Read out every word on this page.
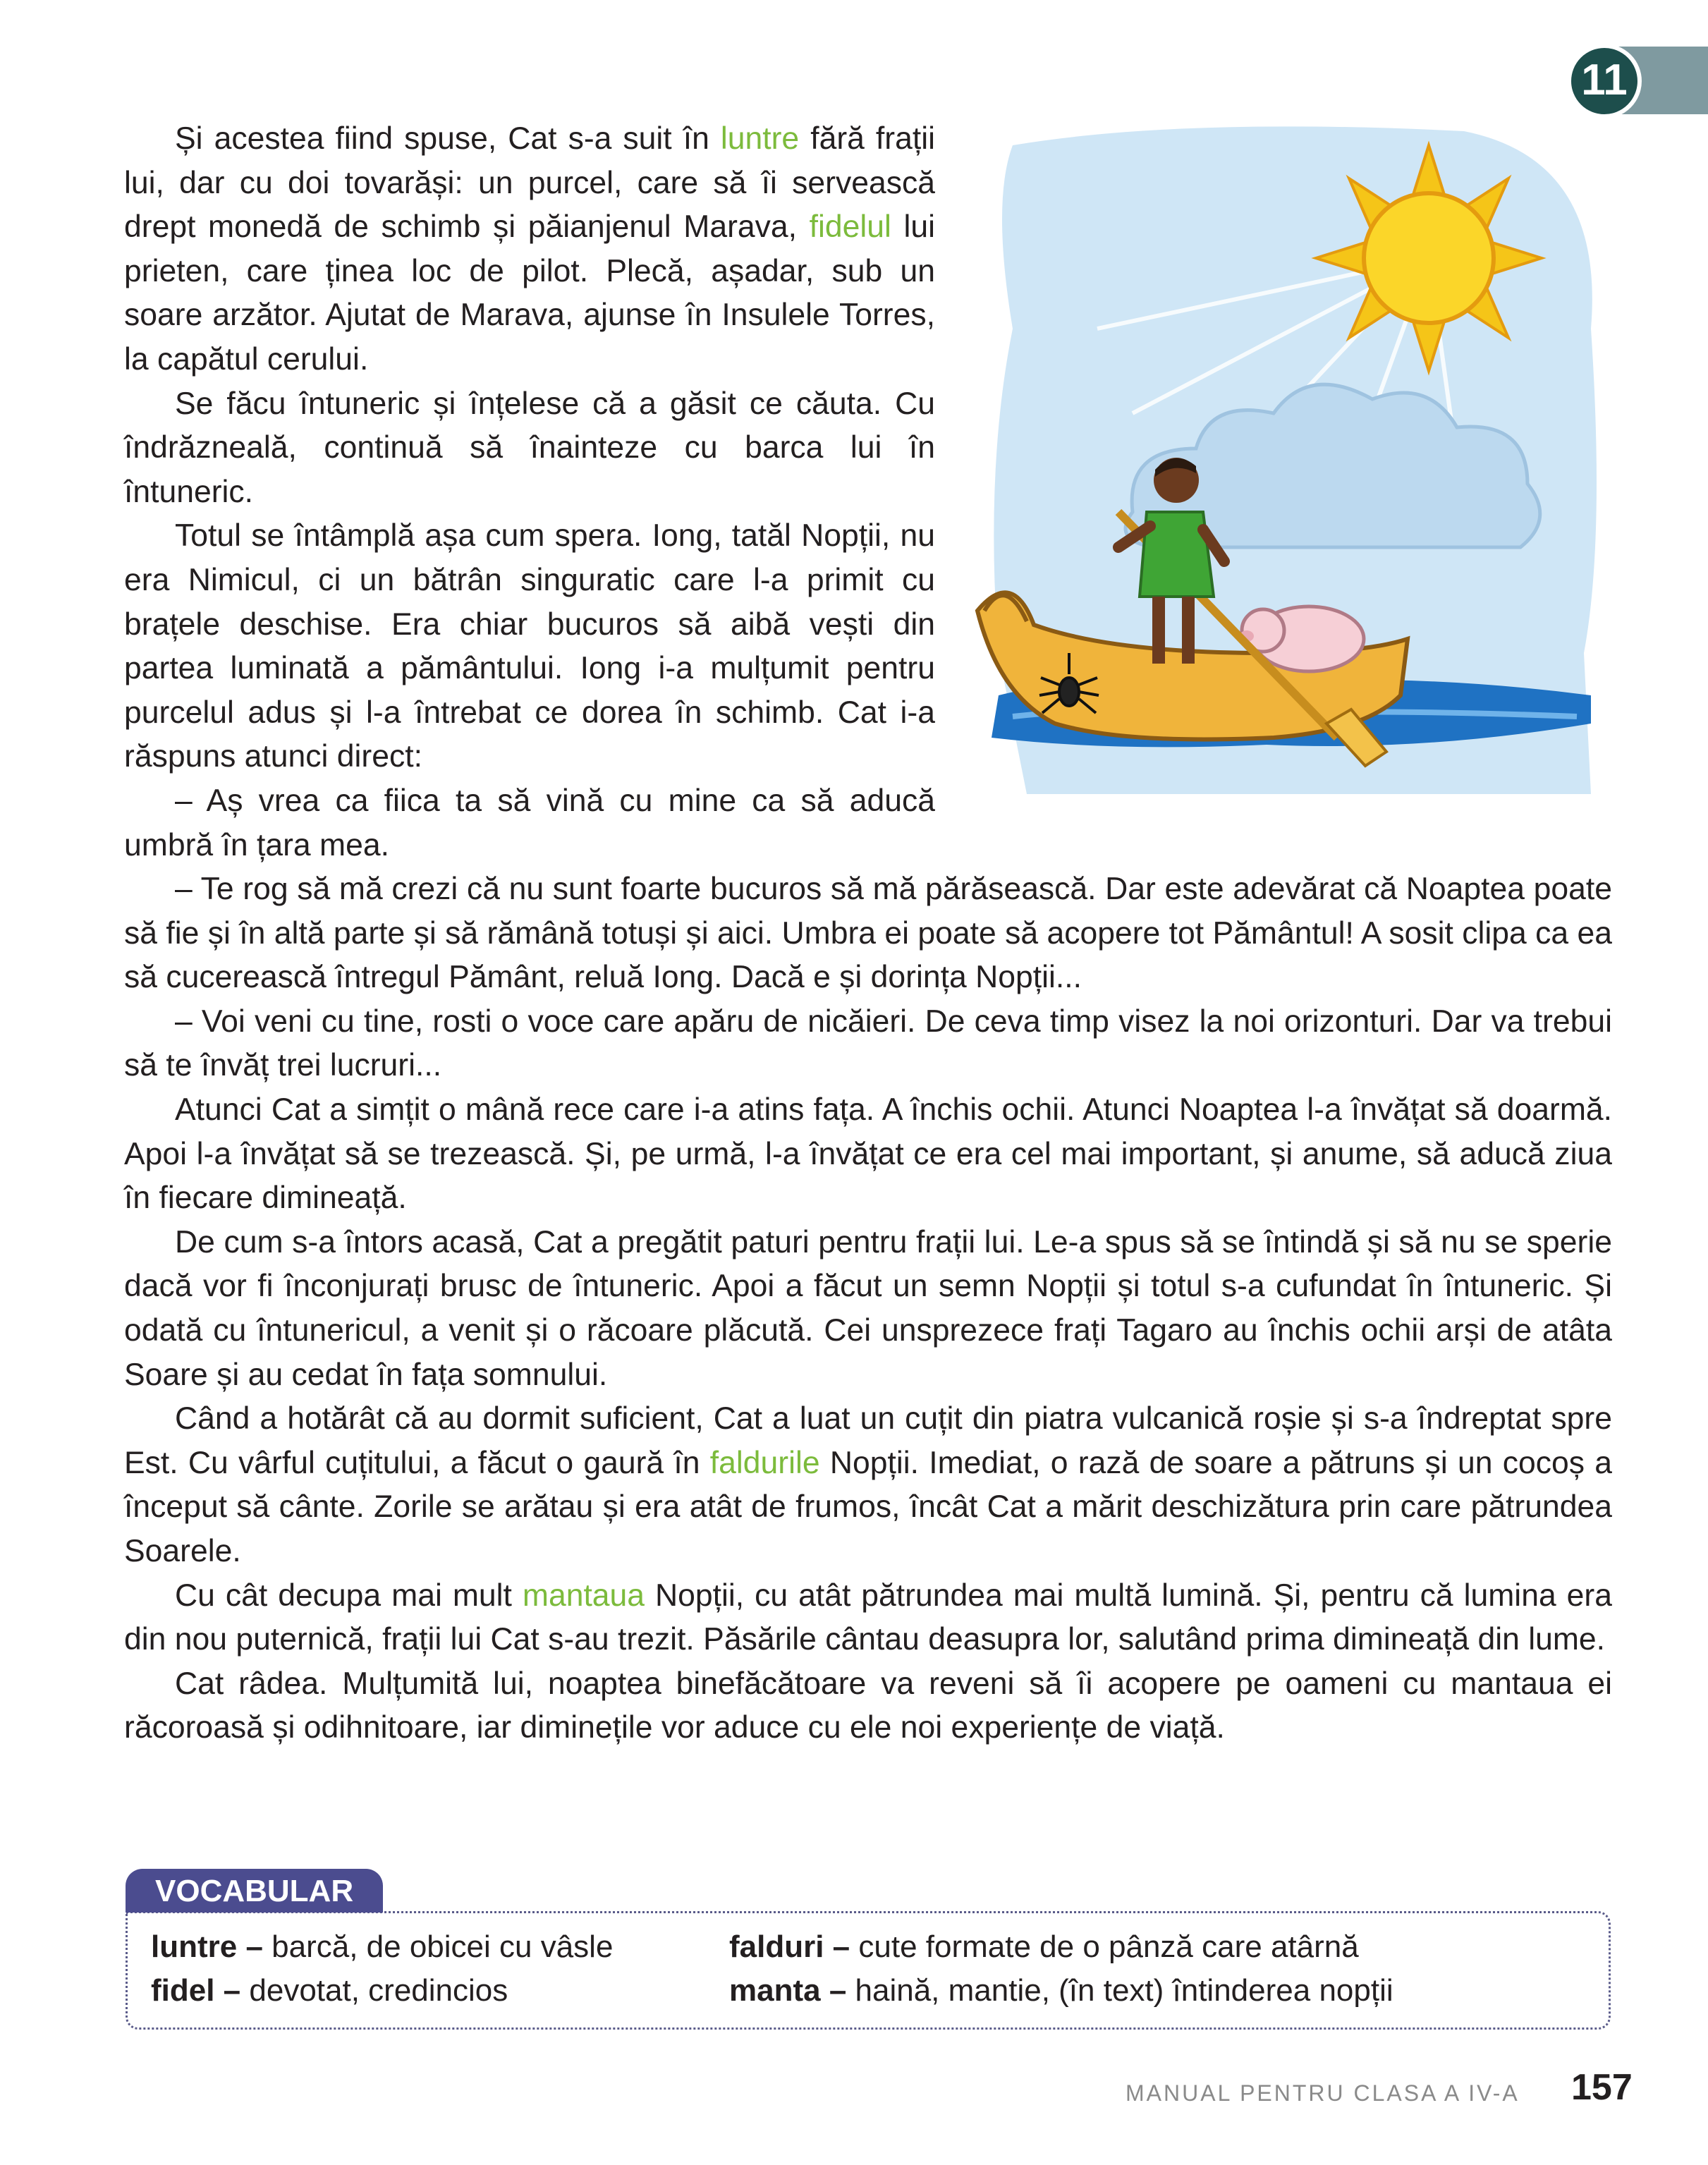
11

Și acestea fiind spuse, Cat s-a suit în luntre fără frații lui, dar cu doi tovarăși: un purcel, care să îi servească drept monedă de schimb și păianjenul Marava, fidelul lui prieten, care ținea loc de pilot. Plecă, așadar, sub un soare arzător. Ajutat de Marava, ajunse în Insulele Torres, la capătul cerului.

Se făcu întuneric și înțelese că a găsit ce căuta. Cu îndrăzneală, continuă să înainteze cu barca lui în întuneric.

Totul se întâmplă așa cum spera. Iong, tatăl Nopții, nu era Nimicul, ci un bătrân singuratic care l-a primit cu brațele deschise. Era chiar bucuros să aibă vești din partea luminată a pământului. Iong i-a mulțumit pentru purcelul adus și l-a întrebat ce dorea în schimb. Cat i-a răspuns atunci direct:

– Aș vrea ca fiica ta să vină cu mine ca să aducă umbră în țara mea.

– Te rog să mă crezi că nu sunt foarte bucuros să mă părăsească. Dar este adevărat că Noaptea poate să fie și în altă parte și să rămână totuși și aici. Umbra ei poate să acopere tot Pământul! A sosit clipa ca ea să cucerească întregul Pământ, reluă Iong. Dacă e și dorința Nopții...

– Voi veni cu tine, rosti o voce care apăru de nicăieri. De ceva timp visez la noi orizonturi. Dar va trebui să te învăț trei lucruri...

Atunci Cat a simțit o mână rece care i-a atins fața. A închis ochii. Atunci Noaptea l-a învățat să doarmă. Apoi l-a învățat să se trezească. Și, pe urmă, l-a învățat ce era cel mai important, și anume, să aducă ziua în fiecare dimineață.

De cum s-a întors acasă, Cat a pregătit paturi pentru frații lui. Le-a spus să se întindă și să nu se sperie dacă vor fi înconjurați brusc de întuneric. Apoi a făcut un semn Nopții și totul s-a cufundat în întuneric. Și odată cu întunericul, a venit și o răcoare plăcută. Cei unsprezece frați Tagaro au închis ochii arși de atâta Soare și au cedat în fața somnului.

Când a hotărât că au dormit suficient, Cat a luat un cuțit din piatra vulcanică roșie și s-a îndreptat spre Est. Cu vârful cuțitului, a făcut o gaură în faldurile Nopții. Imediat, o rază de soare a pătruns și un cocoș a început să cânte. Zorile se arătau și era atât de frumos, încât Cat a mărit deschizătura prin care pătrundea Soarele.

Cu cât decupa mai mult mantaua Nopții, cu atât pătrundea mai multă lumină. Și, pentru că lumina era din nou puternică, frații lui Cat s-au trezit. Păsările cântau deasupra lor, salutând prima dimineață din lume.

Cat râdea. Mulțumită lui, noaptea binefăcătoare va reveni să îi acopere pe oameni cu mantaua ei răcoroasă și odihnitoare, iar diminețile vor aduce cu ele noi experiențe de viață.

VOCABULAR
luntre – barcă, de obicei cu vâsle
fidel – devotat, credincios
falduri – cute formate de o pânză care atârnă
manta – haină, mantie, (în text) întinderea nopții
MANUAL PENTRU CLASA A IV-A 157
